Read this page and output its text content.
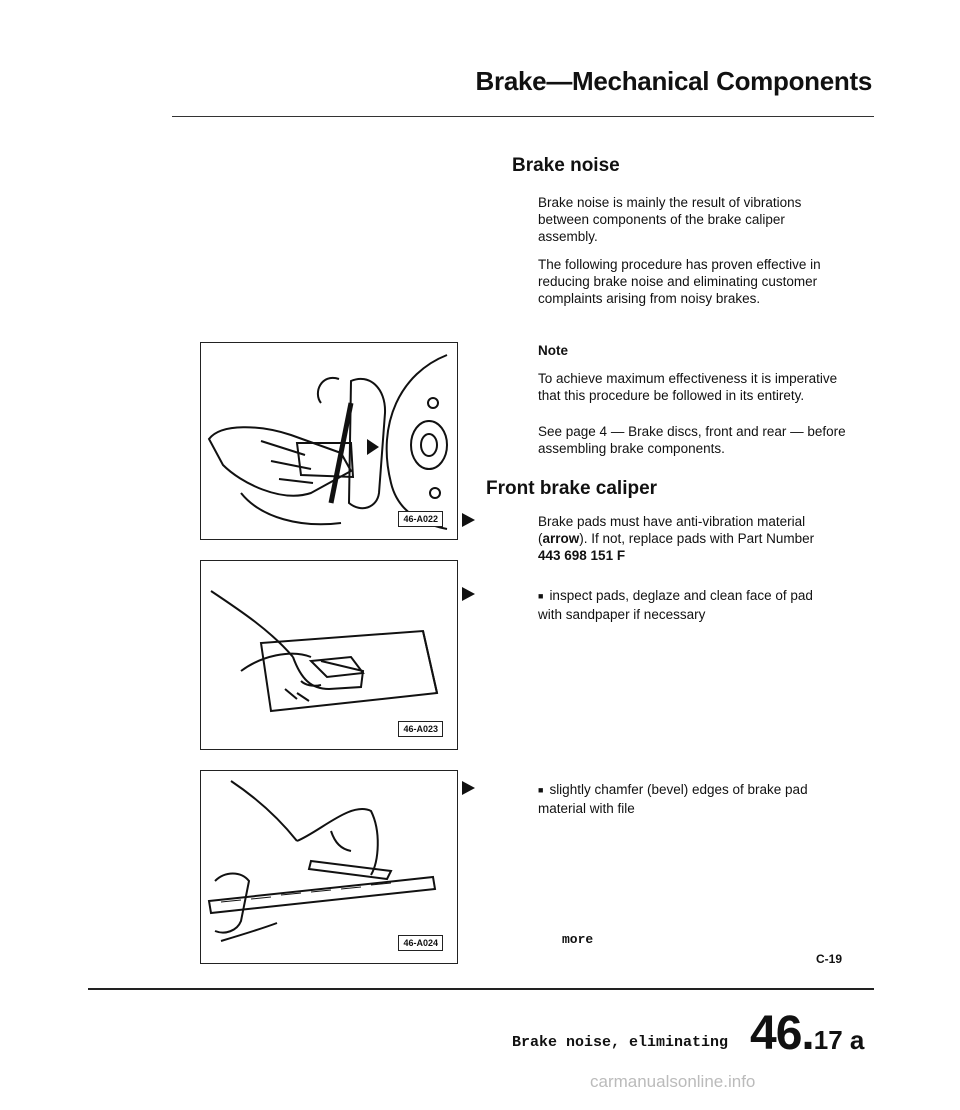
Brake—Mechanical Components
Brake noise
Brake noise is mainly the result of vibrations between components of the brake caliper assembly.
The following procedure has proven effective in reducing brake noise and eliminating customer complaints arising from noisy brakes.
Note
To achieve maximum effectiveness it is imperative that this procedure be followed in its entirety.
See page 4 — Brake discs, front and rear — before assembling brake components.
Front brake caliper
Brake pads must have anti-vibration material (arrow). If not, replace pads with Part Number 443 698 151 F
■ inspect pads, deglaze and clean face of pad with sandpaper if necessary
■ slightly chamfer (bevel) edges of brake pad material with file
more
C-19
46-A022
46-A023
46-A024
Brake noise, eliminating 46.17 a
carmanualsonline.info
